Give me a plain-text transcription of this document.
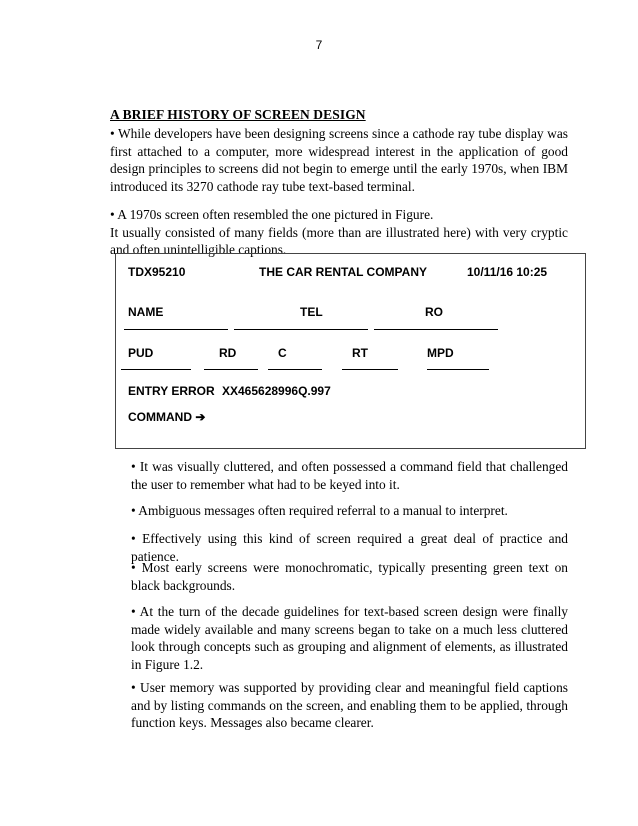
7
A BRIEF HISTORY OF SCREEN DESIGN
• While developers have been designing screens since a cathode ray tube display was first attached to a computer, more widespread interest in the application of good design principles to screens did not begin to emerge until the early 1970s, when IBM introduced its 3270 cathode ray tube text-based terminal.
• A 1970s screen often resembled the one pictured in Figure.
It usually consisted of many fields (more than are illustrated here) with very cryptic and often unintelligible captions.
TDX95210	THE CAR RENTAL COMPANY	10/11/16 10:25
NAME	TEL	RO
PUD	RD	C	RT	MPD
ENTRY ERROR XX465628996Q.997
COMMAND ➔
• It was visually cluttered, and often possessed a command field that challenged the user to remember what had to be keyed into it.
• Ambiguous messages often required referral to a manual to interpret.
• Effectively using this kind of screen required a great deal of practice and patience.
• Most early screens were monochromatic, typically presenting green text on black backgrounds.
• At the turn of the decade guidelines for text-based screen design were finally made widely available and many screens began to take on a much less cluttered look through concepts such as grouping and alignment of elements, as illustrated in Figure 1.2.
• User memory was supported by providing clear and meaningful field captions and by listing commands on the screen, and enabling them to be applied, through function keys. Messages also became clearer.
